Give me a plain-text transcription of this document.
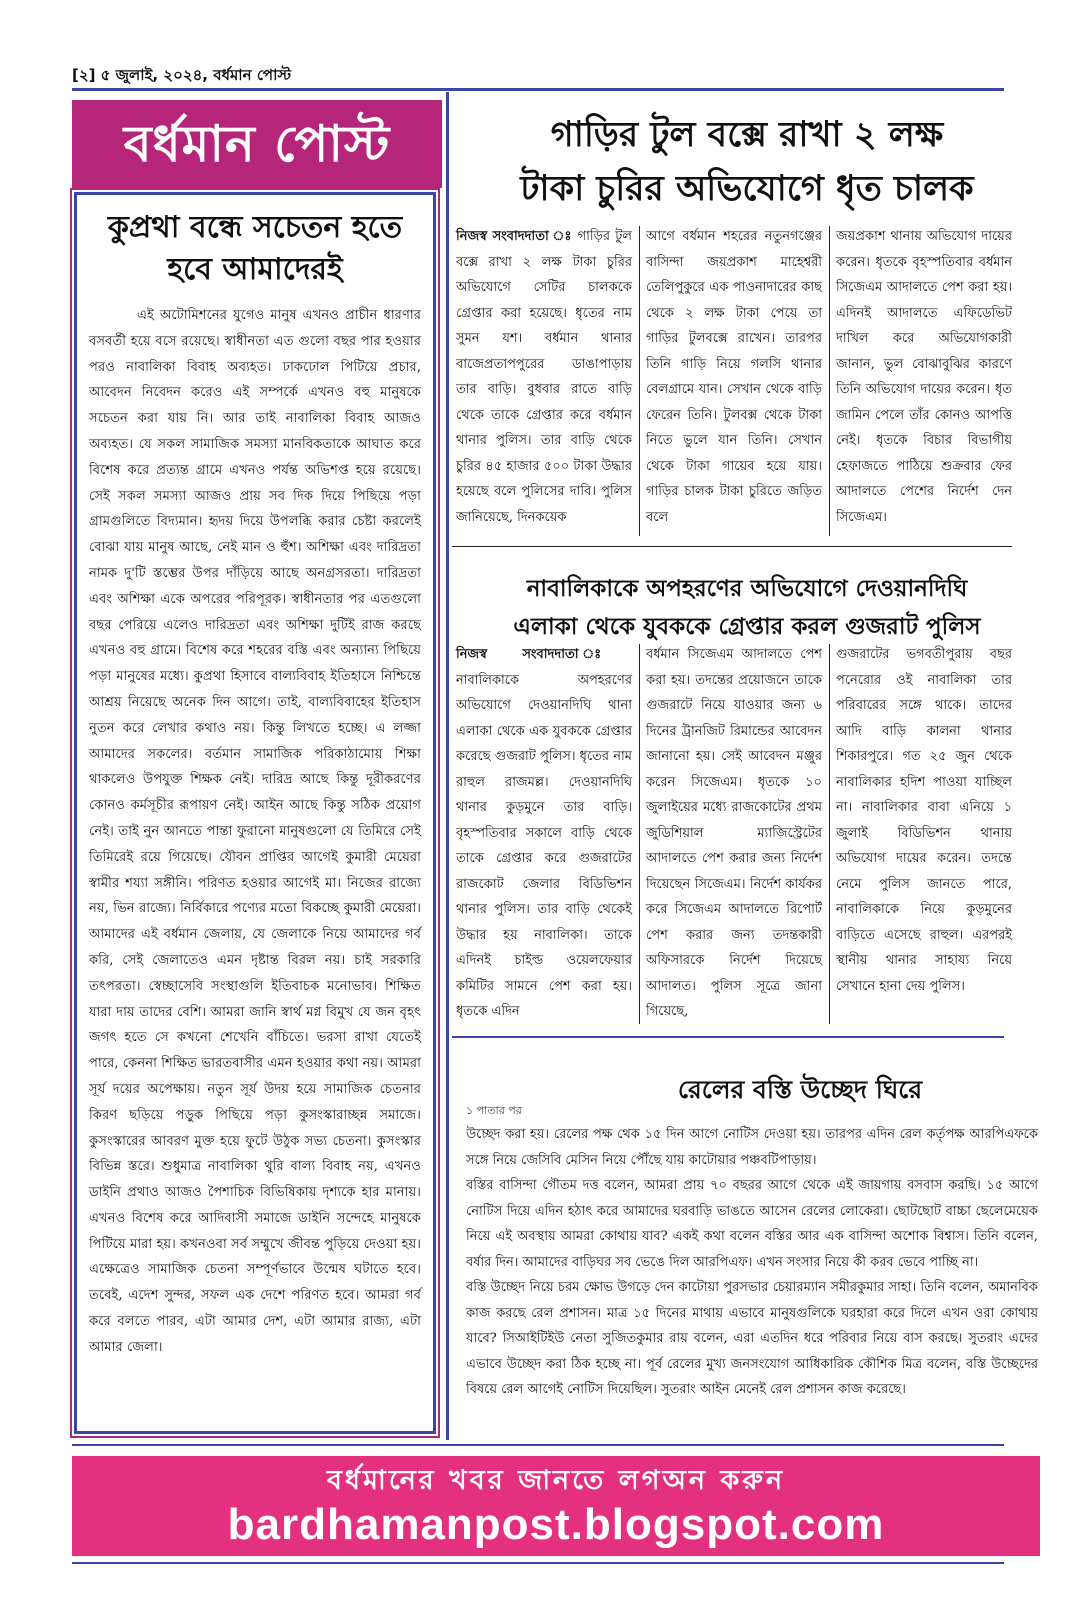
[২] ৫ জুলাই, ২০২৪, বর্ধমান পোস্ট
বর্ধমান পোস্ট
কুপ্রথা বন্ধে সচেতন হতে হবে আমাদেরই
এই অটোমিশনের যুগেও মানুষ এখনও প্রাচীন ধারণার বসবর্তী হয়ে বসে রয়েছে। স্বাধীনতা এত গুলো বছর পার হওয়ার পরও নাবালিকা বিবাহ অব্যহত। ঢাকঢোল পিটিয়ে প্রচার, আবেদন নিবেদন করেও এই সম্পর্কে এখনও বহু মানুষকে সচেতন করা যায় নি। আর তাই নাবালিকা বিবাহ আজও অব্যহত। যে সকল সামাজিক সমস্যা মানবিকতাকে আঘাত করে বিশেষ করে প্রত্যন্ত গ্রামে এখনও পর্যন্ত অভিশপ্ত হয়ে রয়েছে। সেই সকল সমস্যা আজও প্রায় সব দিক দিয়ে পিছিয়ে পড়া গ্রামগুলিতে বিদ্যমান। হৃদয় দিয়ে উপলব্ধি করার চেষ্টা করলেই বোঝা যায় মানুষ আছে, নেই মান ও হুঁশ। অশিক্ষা এবং দারিদ্রতা নামক দু'টি স্তম্ভের উপর দাঁড়িয়ে আছে অনগ্রসরতা। দারিদ্রতা এবং অশিক্ষা একে অপরের পরিপূরক। স্বাধীনতার পর এতগুলো বছর পেরিয়ে এলেও দারিদ্রতা এবং অশিক্ষা দুটিই রাজ করছে এখনও বহু গ্রামে। বিশেষ করে শহরের বস্তি এবং অন্যান্য পিছিয়ে পড়া মানুষের মধ্যে। কুপ্রথা হিসাবে বাল্যবিবাহ ইতিহাসে নিশ্চিন্তে আশ্রয় নিয়েছে অনেক দিন আগে। তাই, বাল্যবিবাহের ইতিহাস নুতন করে লেখার কথাও নয়। কিন্তু লিখতে হচ্ছে। এ লজ্জা আমাদের সকলের। বর্তমান সামাজিক পরিকাঠামোয় শিক্ষা থাকলেও উপযুক্ত শিক্ষক নেই। দারিদ্র আছে কিন্তু দূরীকরণের কোনও কর্মসূচীর রূপায়ণ নেই। আইন আছে কিন্তু সঠিক প্রয়োগ নেই। তাই নুন আনতে পান্তা ফুরানো মানুষগুলো যে তিমিরে সেই তিমিরেই রয়ে গিয়েছে। যৌবন প্রাপ্তির আগেই কুমারী মেয়েরা স্বামীর শয্যা সঙ্গীনি। পরিণত হওয়ার আগেই মা। নিজের রাজ্যে নয়, ভিন রাজ্যে। নির্বিকারে পণ্যের মতো বিকচ্ছে কুমারী মেয়েরা। আমাদের এই বর্ধমান জেলায়, যে জেলাকে নিয়ে আমাদের গর্ব করি, সেই জেলাতেও এমন দৃষ্টান্ত বিরল নয়। চাই সরকারি তৎপরতা। স্বেচ্ছাসেবি সংস্থাগুলি ইতিবাচক মনোভাব। শিক্ষিত যারা দায় তাদের বেশি। আমরা জানি স্বার্থ মগ্ন বিমুখ যে জন বৃহৎ জগৎ হতে সে কখনো শেখেনি বাঁচিতে। ভরসা রাখা যেতেই পারে, কেননা শিক্ষিত ভারতবাসীর এমন হওয়ার কথা নয়। আমরা সূর্য দয়ের অপেক্ষায়। নতুন সূর্য উদয় হয়ে সামাজিক চেতনার কিরণ ছড়িয়ে পড়ুক পিছিয়ে পড়া কুসংস্কারাচ্ছন্ন সমাজে। কুসংস্কারের আবরণ মুক্ত হয়ে ফুটে উঠুক সভ্য চেতনা। কুসংস্কার বিভিন্ন স্তরে। শুধুমাত্র নাবালিকা থুরি বাল্য বিবাহ নয়, এখনও ডাইনি প্রথাও আজও পৈশাচিক বিভিষিকায় দৃশ্যকে হার মানায়। এখনও বিশেষ করে আদিবাসী সমাজে ডাইনি সন্দেহে মানুষকে পিটিয়ে মারা হয়। কখনওবা সর্ব সম্মুখে জীবন্ত পুড়িয়ে দেওয়া হয়। এক্ষেত্রেও সামাজিক চেতনা সম্পূর্ণভাবে উন্মেষ ঘটাতে হবে। তবেই, এদেশ সুন্দর, সফল এক দেশে পরিণত হবে। আমরা গর্ব করে বলতে পারব, এটা আমার দেশ, এটা আমার রাজ্য, এটা আমার জেলা।
গাড়ির টুল বক্সে রাখা ২ লক্ষ
টাকা চুরির অভিযোগে ধৃত চালক
নিজস্ব সংবাদদাতা ঃ গাড়ির টুল বক্সে রাখা ২ লক্ষ টাকা চুরির অভিযোগে সেটির চালককে গ্রেপ্তার করা হয়েছে। ধৃতের নাম সুমন যশ। বর্ধমান থানার বাজেপ্রতাপপুরের ডাঙাপাড়ায় তার বাড়ি। বুধবার রাতে বাড়ি থেকে তাকে গ্রেপ্তার করে বর্ধমান থানার পুলিস। তার বাড়ি থেকে চুরির ৪৫ হাজার ৫০০ টাকা উদ্ধার হয়েছে বলে পুলিসের দাবি। পুলিস জানিয়েছে, দিনকয়েক
আগে বর্ধমান শহরের নতুনগঞ্জের বাসিন্দা জয়প্রকাশ মাহেশ্বরী তেলিপুকুরে এক পাওনাদারের কাছ থেকে ২ লক্ষ টাকা পেয়ে তা গাড়ির টুলবক্সে রাখেন। তারপর তিনি গাড়ি নিয়ে গলসি থানার বেলগ্রামে যান। সেখান থেকে বাড়ি ফেরেন তিনি। টুলবক্স থেকে টাকা নিতে ভুলে যান তিনি। সেখান থেকে টাকা গায়েব হয়ে যায়। গাড়ির চালক টাকা চুরিতে জড়িত বলে
জয়প্রকাশ থানায় অভিযোগ দায়ের করেন। ধৃতকে বৃহস্পতিবার বর্ধমান সিজেএম আদালতে পেশ করা হয়। এদিনই আদালতে এফিডেভিট দাখিল করে অভিযোগকারী জানান, ভুল বোঝাবুঝির কারণে তিনি অভিযোগ দায়ের করেন। ধৃত জামিন পেলে তাঁর কোনও আপত্তি নেই। ধৃতকে বিচার বিভাগীয় হেফাজতে পাঠিয়ে শুক্রবার ফের আদালতে পেশের নির্দেশ দেন সিজেএম।
নাবালিকাকে অপহরণের অভিযোগে দেওয়ানদিঘি
এলাকা থেকে যুবককে গ্রেপ্তার করল গুজরাট পুলিস
নিজস্ব সংবাদদাতা ঃ নাবালিকাকে অপহরণের অভিযোগে দেওয়ানদিঘি থানা এলাকা থেকে এক যুবককে গ্রেপ্তার করেছে গুজরাট পুলিস। ধৃতের নাম রাহুল রাজমল্ল। দেওয়ানদিঘি থানার কুড়মুনে তার বাড়ি। বৃহস্পতিবার সকালে বাড়ি থেকে তাকে গ্রেপ্তার করে গুজরাটের রাজকোট জেলার বিডিভিশন থানার পুলিস। তার বাড়ি থেকেই উদ্ধার হয় নাবালিকা। তাকে এদিনই চাইল্ড ওয়েলফেয়ার কমিটির সামনে পেশ করা হয়। ধৃতকে এদিন
বর্ধমান সিজেএম আদালতে পেশ করা হয়। তদন্তের প্রয়োজনে তাকে গুজরাটে নিয়ে যাওয়ার জন্য ৬ দিনের ট্রানজিট রিমান্ডের আবেদন জানানো হয়। সেই আবেদন মঞ্জুর করেন সিজেএম। ধৃতকে ১০ জুলাইয়ের মধ্যে রাজকোটের প্রথম জুডিশিয়াল ম্যাজিস্ট্রেটের আদালতে পেশ করার জন্য নির্দেশ দিয়েছেন সিজেএম। নির্দেশ কার্যকর করে সিজেএম আদালতে রিপোর্ট পেশ করার জন্য তদন্তকারী অফিসারকে নির্দেশ দিয়েছে আদালত। পুলিস সূত্রে জানা গিয়েছে,
গুজরাটের ভগবতীপুরায় বছর পনেরোর ওই নাবালিকা তার পরিবারের সঙ্গে থাকে। তাদের আদি বাড়ি কালনা থানার শিকারপুরে। গত ২৫ জুন থেকে নাবালিকার হদিশ পাওয়া যাচ্ছিল না। নাবালিকার বাবা এনিয়ে ১ জুলাই বিডিভিশন থানায় অভিযোগ দায়ের করেন। তদন্তে নেমে পুলিস জানতে পারে, নাবালিকাকে নিয়ে কুড়মুনের বাড়িতে এসেছে রাহুল। এরপরই স্থানীয় থানার সাহায্য নিয়ে সেখানে হানা দেয় পুলিস।
রেলের বস্তি উচ্ছেদ ঘিরে
১ পাতার পর

উচ্ছেদ করা হয়। রেলের পক্ষ থেক ১৫ দিন আগে নোটিস দেওয়া হয়। তারপর এদিন রেল কর্তৃপক্ষ আরপিএফকে সঙ্গে নিয়ে জেসিবি মেসিন নিয়ে পৌঁছে যায় কাটোয়ার পঞ্চবটিপাড়ায়।

বস্তির বাসিন্দা গৌতম দত্ত বলেন, আমরা প্রায় ৭০ বছরর আগে থেকে এই জায়গায় বসবাস করছি। ১৫ আগে নোটিস দিয়ে এদিন হঠাৎ করে আমাদের ঘরবাড়ি ভাঙতে আসেন রেলের লোকেরা। ছোটছোট বাচ্চা ছেলেমেয়েক নিয়ে এই অবস্থায় আমরা কোথায় যাব? একই কথা বলেন বস্তির আর এক বাসিন্দা অশোক বিশ্বাস। তিনি বলেন, বর্ষার দিন। আমাদের বাড়িঘর সব ভেঙে দিল আরপিএফ। এখন সংসার নিয়ে কী করব ভেবে পাচ্ছি না।

বস্তি উচ্ছেদ নিয়ে চরম ক্ষোভ উগড়ে দেন কাটোয়া পুরসভার চেয়ারম্যান সমীরকুমার সাহা। তিনি বলেন, অমানবিক কাজ করছে রেল প্রশাসন। মাত্র ১৫ দিনের মাথায় এভাবে মানুষগুলিকে ঘরহারা করে দিলে এখন ওরা কোথায় যাবে? সিআইটিইউ নেতা সুজিতকুমার রায় বলেন, এরা এতদিন ধরে পরিবার নিয়ে বাস করছে। সুতরাং এদের এভাবে উচ্ছেদ করা ঠিক হচ্ছে না। পূর্ব রেলের মুখ্য জনসংযোগ আধিকারিক কৌশিক মিত্র বলেন, বস্তি উচ্ছেদের বিষয়ে রেল আগেই নোটিস দিয়েছিল। সুতরাং আইন মেনেই রেল প্রশাসন কাজ করেছে।

বর্ধমানের খবর জানতে লগঅন করুন
bardhamanpost.blogspot.com
